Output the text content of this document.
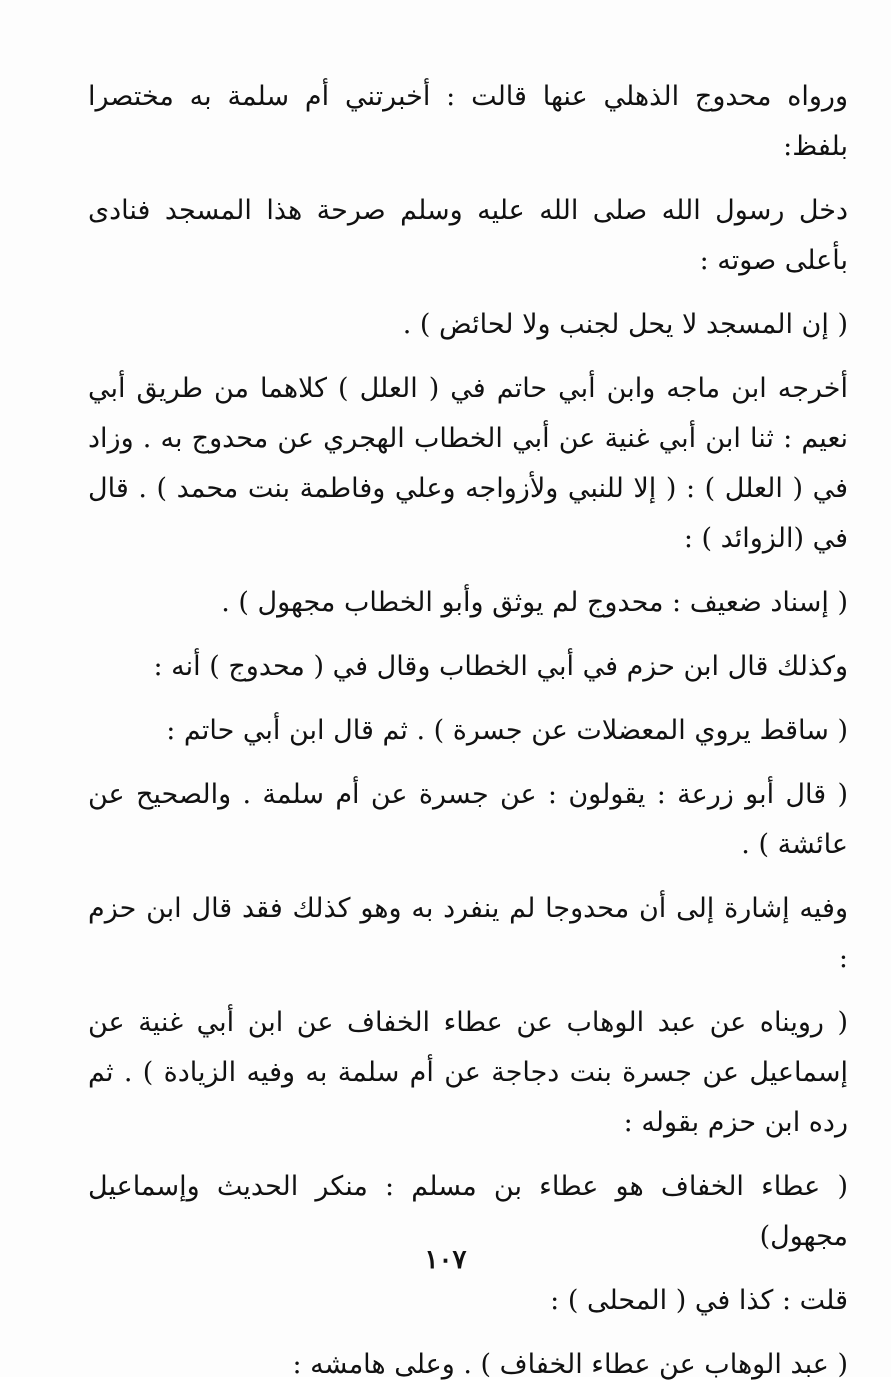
ورواه محدوج الذهلي عنها قالت : أخبرتني أم سلمة به مختصرا بلفظ:

دخل رسول الله صلى الله عليه وسلم صرحة هذا المسجد فنادى بأعلى صوته :

( إن المسجد لا يحل لجنب ولا لحائض ) .

أخرجه ابن ماجه وابن أبي حاتم في ( العلل ) كلاهما من طريق أبي نعيم : ثنا ابن أبي غنية عن أبي الخطاب الهجري عن محدوج به . وزاد في ( العلل ) : ( إلا للنبي ولأزواجه وعلي وفاطمة بنت محمد ) . قال في (الزوائد ) :

( إسناد ضعيف : محدوج لم يوثق وأبو الخطاب مجهول ) .

وكذلك قال ابن حزم في أبي الخطاب وقال في ( محدوج ) أنه :

( ساقط يروي المعضلات عن جسرة ) . ثم قال ابن أبي حاتم :

( قال أبو زرعة : يقولون : عن جسرة عن أم سلمة . والصحيح عن عائشة ) .

وفيه إشارة إلى أن محدوجا لم ينفرد به وهو كذلك فقد قال ابن حزم :

( رويناه عن عبد الوهاب عن عطاء الخفاف عن ابن أبي غنية عن إسماعيل عن جسرة بنت دجاجة عن أم سلمة به وفيه الزيادة ) . ثم رده ابن حزم بقوله :

( عطاء الخفاف هو عطاء بن مسلم : منكر الحديث وإسماعيل مجهول)

قلت : كذا في ( المحلى ) :

( عبد الوهاب عن عطاء الخفاف ) . وعلى هامشه :

١٠٧
